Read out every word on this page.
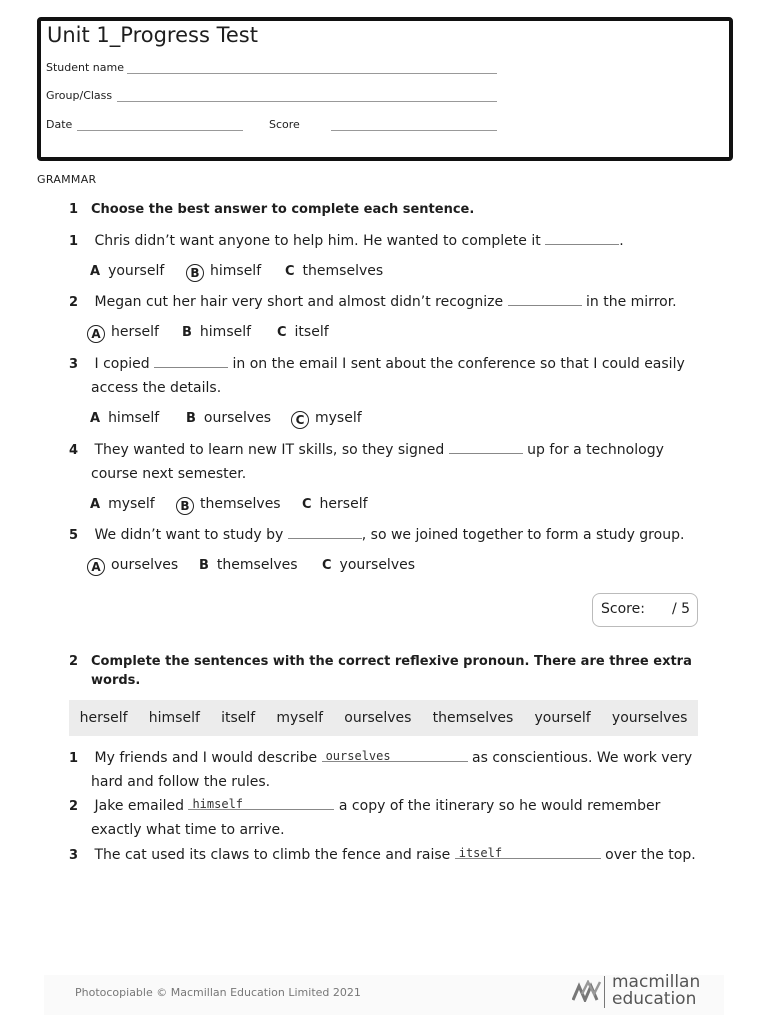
Unit 1_Progress Test
Student name
Group/Class
Date	Score
GRAMMAR
1 Choose the best answer to complete each sentence.
1 Chris didn’t want anyone to help him. He wanted to complete it	.
A yourself	B himself C themselves
2 Megan cut her hair very short and almost didn’t recognize	in the mirror.
A herself B himself C itself
3 I copied	in on the email I sent about the conference so that I could easily
access the details.
A himself B ourselves	C myself
4 They wanted to learn new IT skills, so they signed	up for a technology
course next semester.
A myself	B themselves C herself
5 We didn’t want to study by	, so we joined together to form a study group.
A ourselves B themselves C yourselves
Score: / 5
2 Complete the sentences with the correct reflexive pronoun. There are three extra
words.
herself himself itself myself ourselves themselves yourself yourselves
1 My friends and I would describe ourselves	as conscientious. We work very
hard and follow the rules.
2 Jake emailed himself	a copy of the itinerary so he would remember
exactly what time to arrive.
3 The cat used its claws to climb the fence and raise itself	over the top.
Photocopiable © Macmillan Education Limited 2021
macmillan
education
